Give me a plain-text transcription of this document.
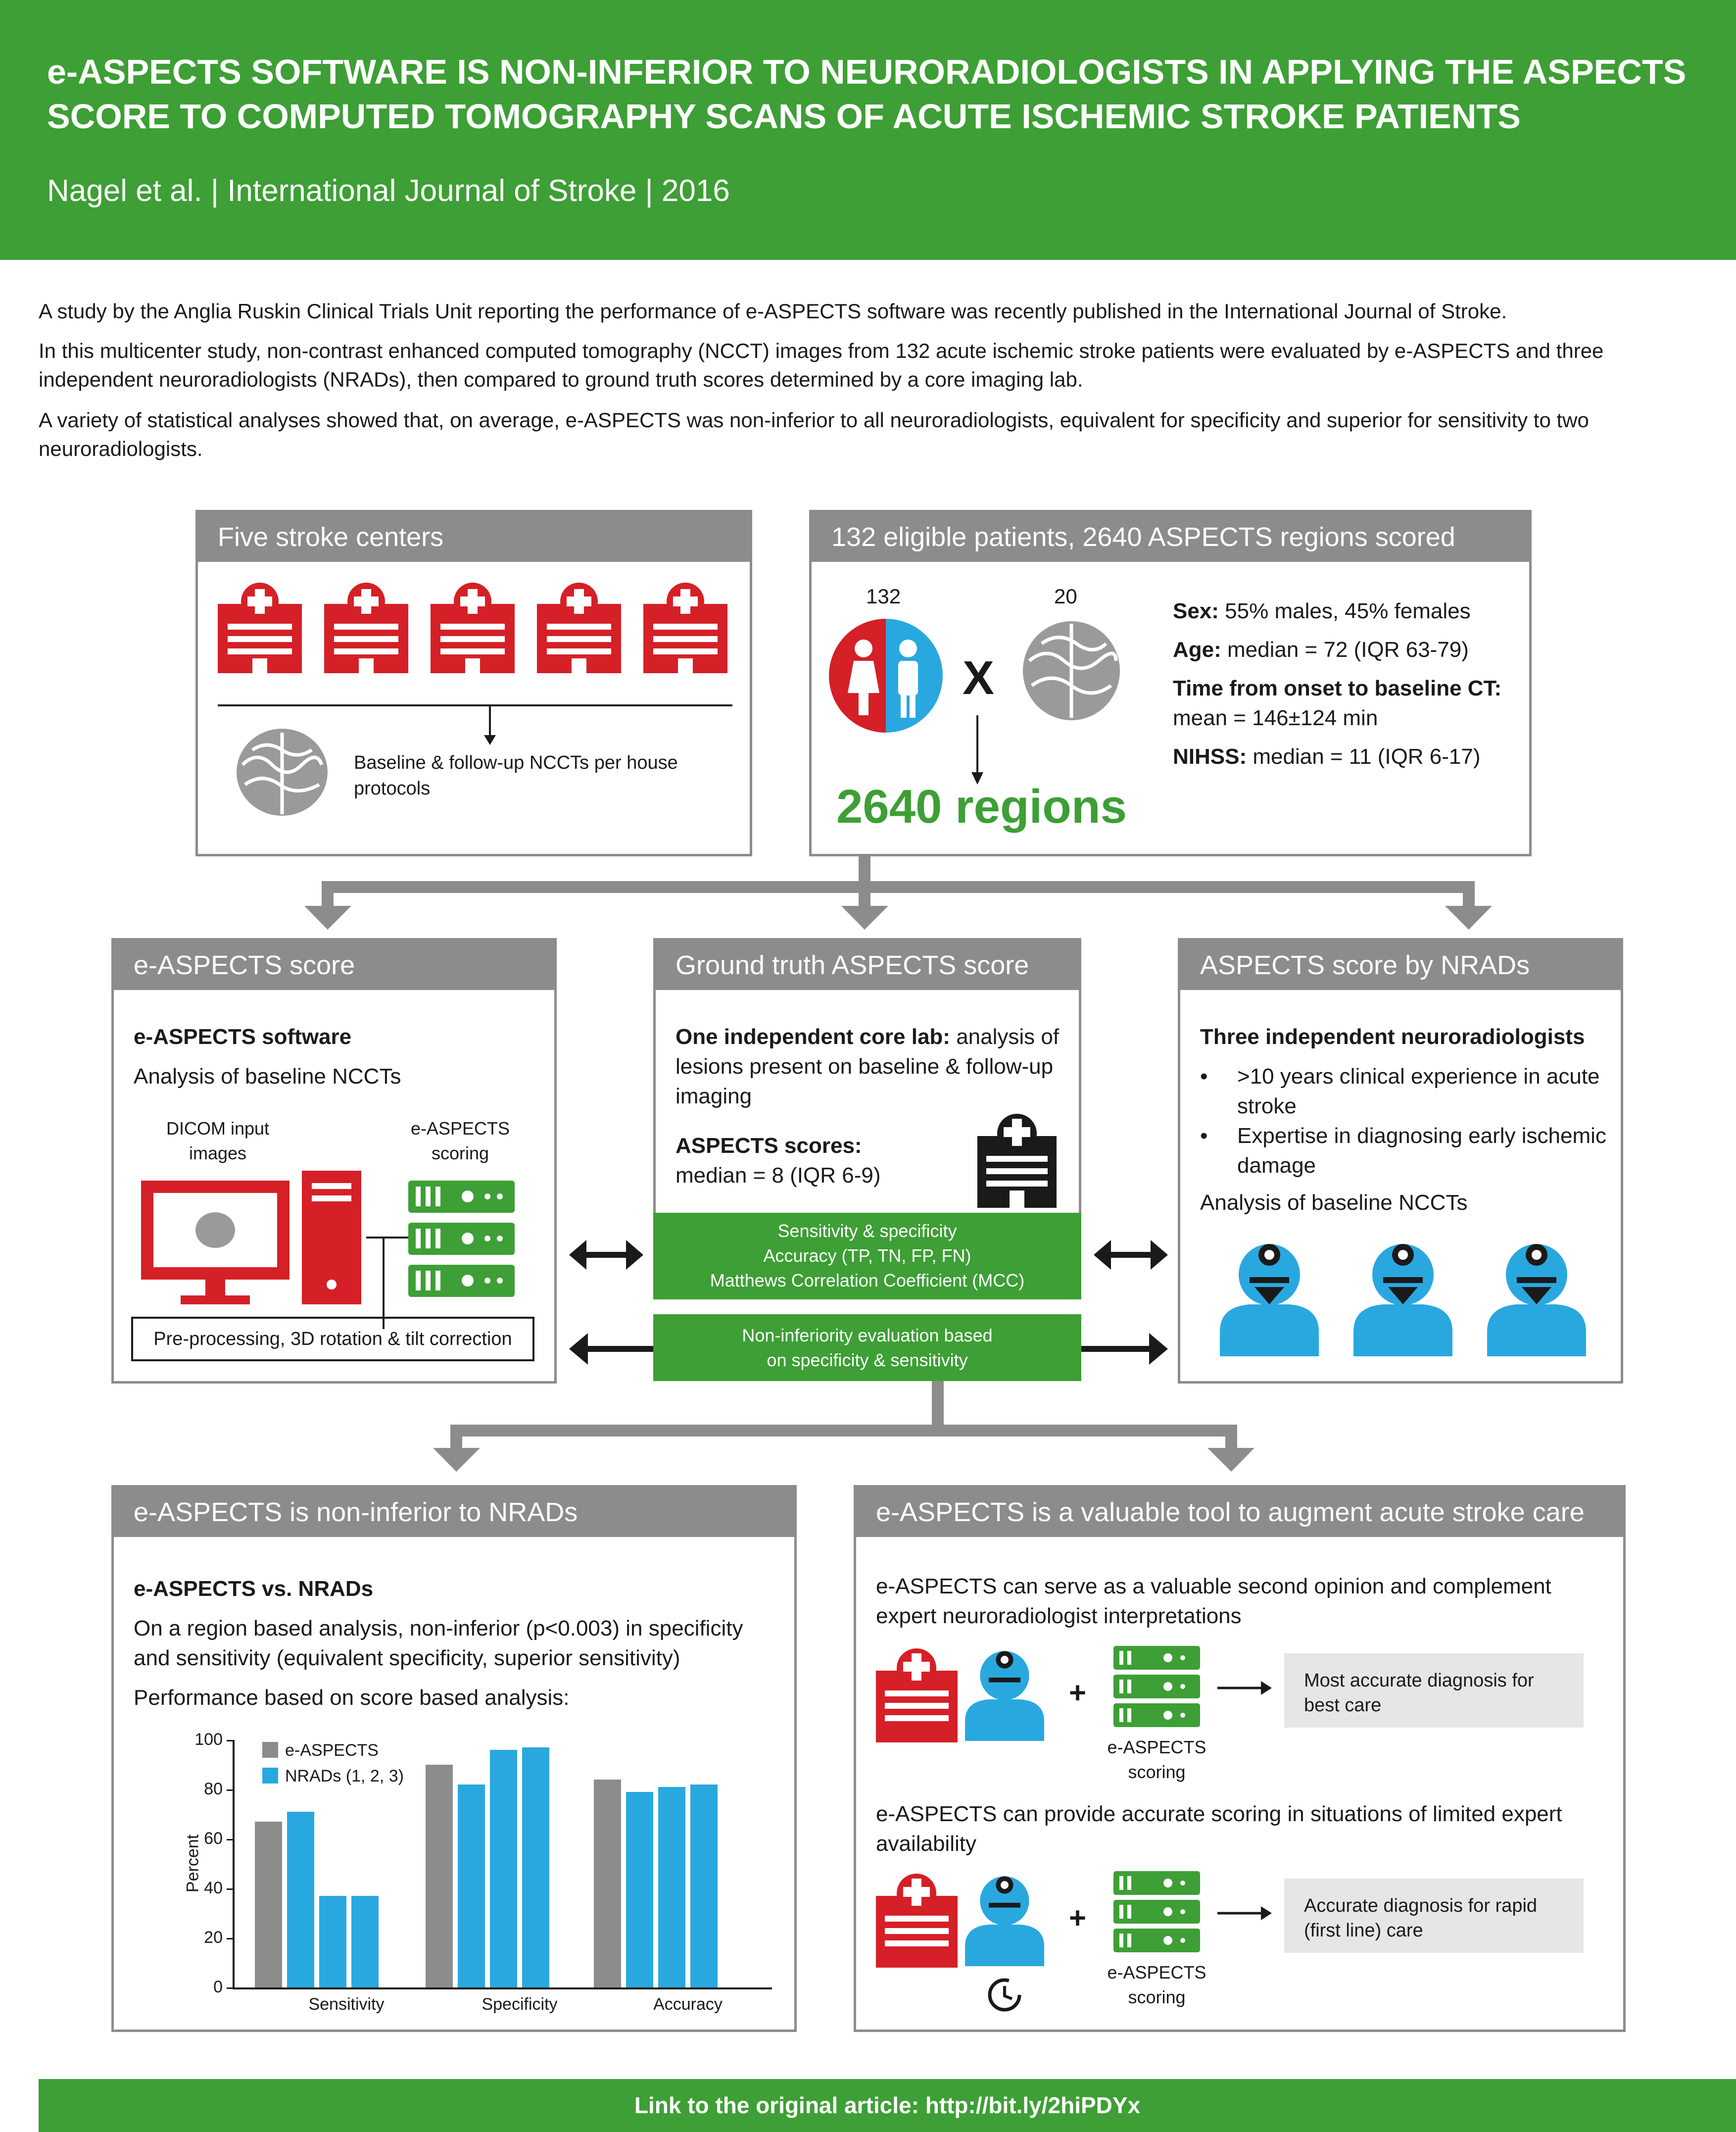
e-ASPECTS SOFTWARE IS NON-INFERIOR TO NEURORADIOLOGISTS IN APPLYING THE ASPECTS SCORE TO COMPUTED TOMOGRAPHY SCANS OF ACUTE ISCHEMIC STROKE PATIENTS
Nagel et al. | International Journal of Stroke | 2016
A study by the Anglia Ruskin Clinical Trials Unit reporting the performance of e-ASPECTS software was recently published in the International Journal of Stroke.
In this multicenter study, non-contrast enhanced computed tomography (NCCT) images from 132 acute ischemic stroke patients were evaluated by e-ASPECTS and three independent neuroradiologists (NRADs), then compared to ground truth scores determined by a core imaging lab.
A variety of statistical analyses showed that, on average, e-ASPECTS was non-inferior to all neuroradiologists, equivalent for specificity and superior for sensitivity to two neuroradiologists.
Five stroke centers
Baseline & follow-up NCCTs per house protocols
132 eligible patients, 2640 ASPECTS regions scored
132	20
X
2640 regions
Sex: 55% males, 45% females
Age: median = 72 (IQR 63-79)
Time from onset to baseline CT:
mean = 146±124 min
NIHSS: median = 11 (IQR 6-17)
e-ASPECTS score
e-ASPECTS software
Analysis of baseline NCCTs
DICOM input images
e-ASPECTS scoring
Pre-processing, 3D rotation & tilt correction
Ground truth ASPECTS score
One independent core lab: analysis of lesions present on baseline & follow-up imaging
ASPECTS scores:
median = 8 (IQR 6-9)
Sensitivity & specificity
Accuracy (TP, TN, FP, FN)
Matthews Correlation Coefficient (MCC)
Non-inferiority evaluation based
on specificity & sensitivity
ASPECTS score by NRADs
Three independent neuroradiologists
• >10 years clinical experience in acute stroke
• Expertise in diagnosing early ischemic damage
Analysis of baseline NCCTs
e-ASPECTS is non-inferior to NRADs
e-ASPECTS vs. NRADs
On a region based analysis, non-inferior (p<0.003) in specificity and sensitivity (equivalent specificity, superior sensitivity)
Performance based on score based analysis:
Percent
100
80
60
40
20
0
e-ASPECTS
NRADs (1, 2, 3)
Sensitivity	Specificity	Accuracy
e-ASPECTS is a valuable tool to augment acute stroke care
e-ASPECTS can serve as a valuable second opinion and complement expert neuroradiologist interpretations
+
e-ASPECTS scoring
Most accurate diagnosis for best care
e-ASPECTS can provide accurate scoring in situations of limited expert availability
+
e-ASPECTS scoring
Accurate diagnosis for rapid (first line) care
Link to the original article: http://bit.ly/2hiPDYx
